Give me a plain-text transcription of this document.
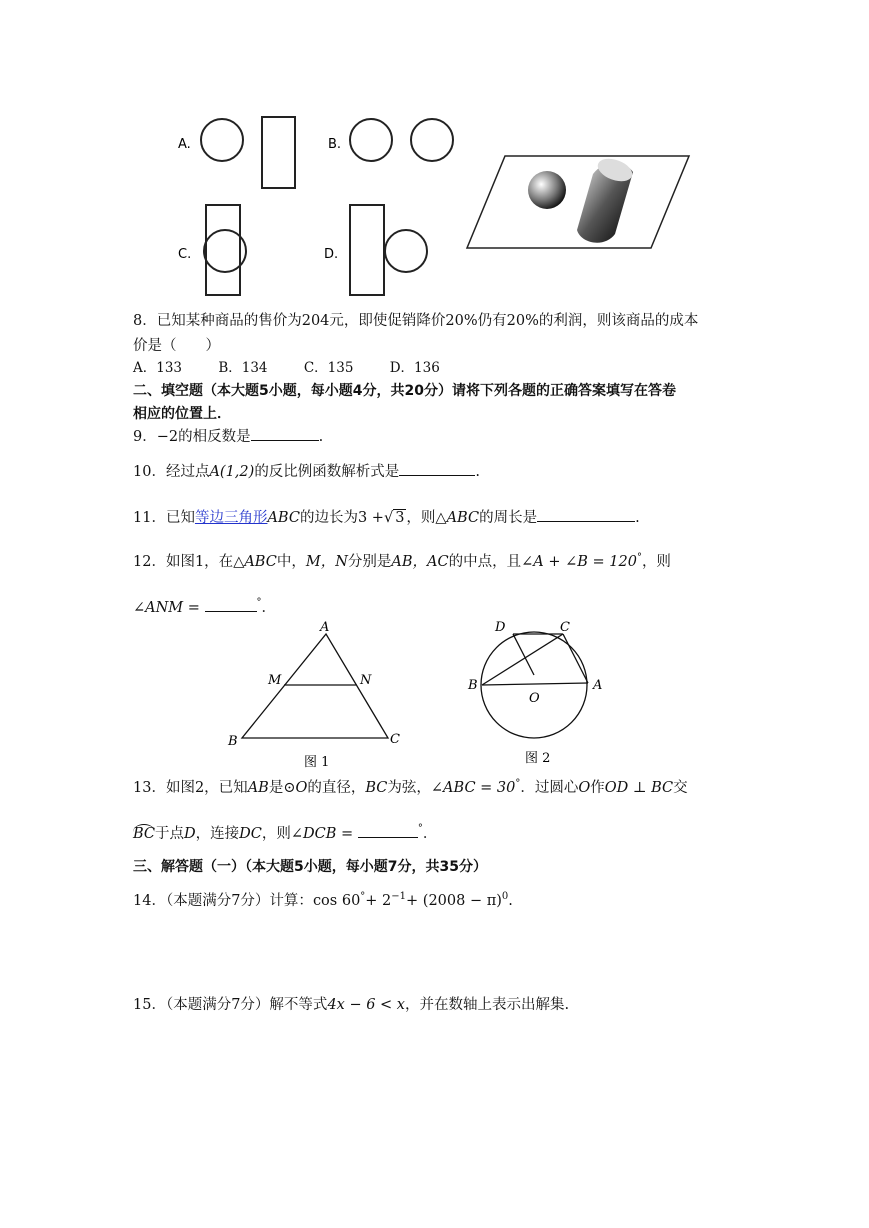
A.	B.
C.	D.
8．已知某种商品的售价为204元，即使促销降价20%仍有20%的利润，则该商品的成本
价是（　　）
A．133	B．134	C．135	D．136
二、填空题（本大题5小题，每小题4分，共20分）请将下列各题的正确答案填写在答卷
相应的位置上．
9．−2的相反数是	.
10．经过点A(1,2)的反比例函数解析式是	.
11．已知等边三角形ABC的边长为3 +√ 3 ，则△ABC的周长是	.
12．如图1，在△ABC中，M，N分别是AB，AC的中点，且∠A + ∠B = 120°，则
∠ANM =	°．
A
M	N
B	C
图 1
D	C
B
O
A
图 2
13．如图2，已知AB是⊙O的直径，BC为弦，∠ABC = 30°．过圆心O作OD ⊥ BC交
BC于点D，连接DC，则∠DCB =	°．
三、解答题（一）（本大题5小题，每小题7分，共35分）
14．（本题满分7分）计算：$\cos 60^\circ+ 2^{-1}+ (2008 - \pi)^0$.
15．（本题满分7分）解不等式4x − 6 < x，并在数轴上表示出解集.
